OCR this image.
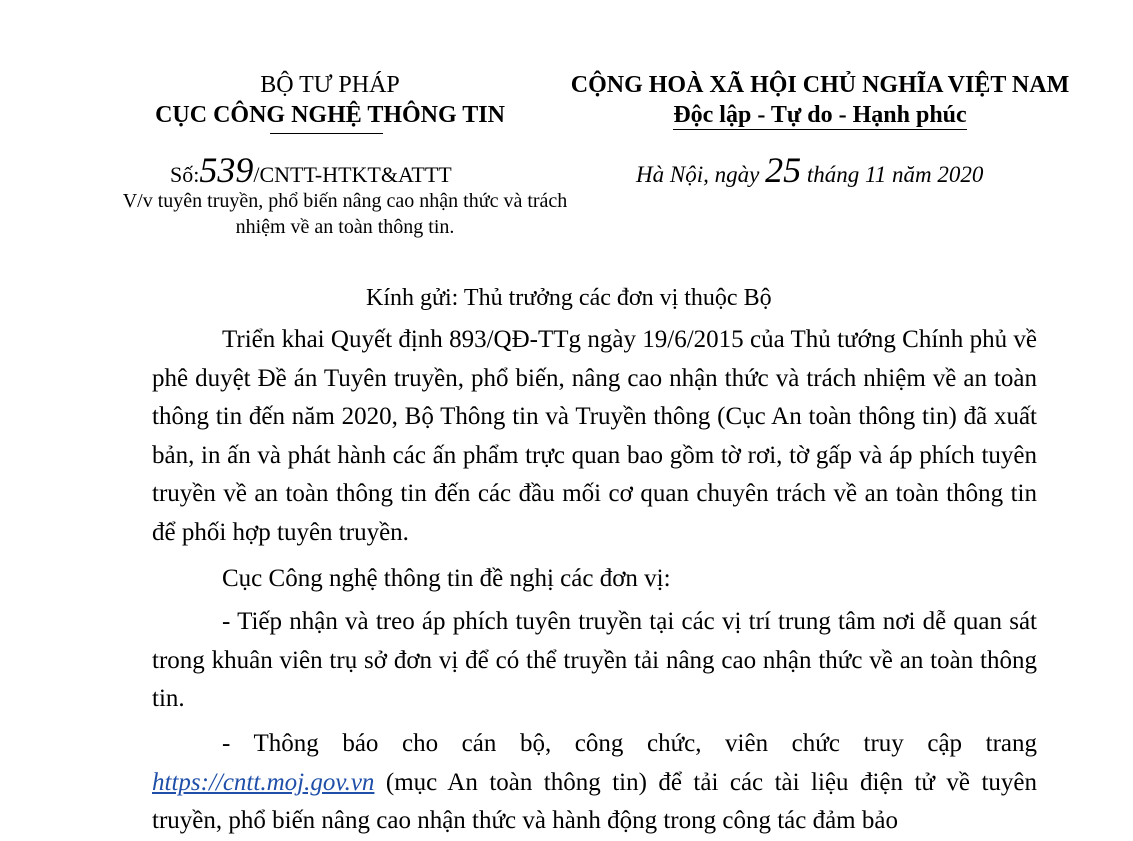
BỘ TƯ PHÁP
CỤC CÔNG NGHỆ THÔNG TIN
CỘNG HOÀ XÃ HỘI CHỦ NGHĨA VIỆT NAM
Độc lập - Tự do - Hạnh phúc
Số:539/CNTT-HTKT&ATTT
V/v tuyên truyền, phổ biến nâng cao nhận thức và trách nhiệm về an toàn thông tin.
Hà Nội, ngày 25 tháng 11 năm 2020
Kính gửi: Thủ trưởng các đơn vị thuộc Bộ
Triển khai Quyết định 893/QĐ-TTg ngày 19/6/2015 của Thủ tướng Chính phủ về phê duyệt Đề án Tuyên truyền, phổ biến, nâng cao nhận thức và trách nhiệm về an toàn thông tin đến năm 2020, Bộ Thông tin và Truyền thông (Cục An toàn thông tin) đã xuất bản, in ấn và phát hành các ấn phẩm trực quan bao gồm tờ rơi, tờ gấp và áp phích tuyên truyền về an toàn thông tin đến các đầu mối cơ quan chuyên trách về an toàn thông tin để phối hợp tuyên truyền.
Cục Công nghệ thông tin đề nghị các đơn vị:
- Tiếp nhận và treo áp phích tuyên truyền tại các vị trí trung tâm nơi dễ quan sát trong khuân viên trụ sở đơn vị để có thể truyền tải nâng cao nhận thức về an toàn thông tin.
- Thông báo cho cán bộ, công chức, viên chức truy cập trang https://cntt.moj.gov.vn (mục An toàn thông tin) để tải các tài liệu điện tử về tuyên truyền, phổ biến nâng cao nhận thức và hành động trong công tác đảm bảo
